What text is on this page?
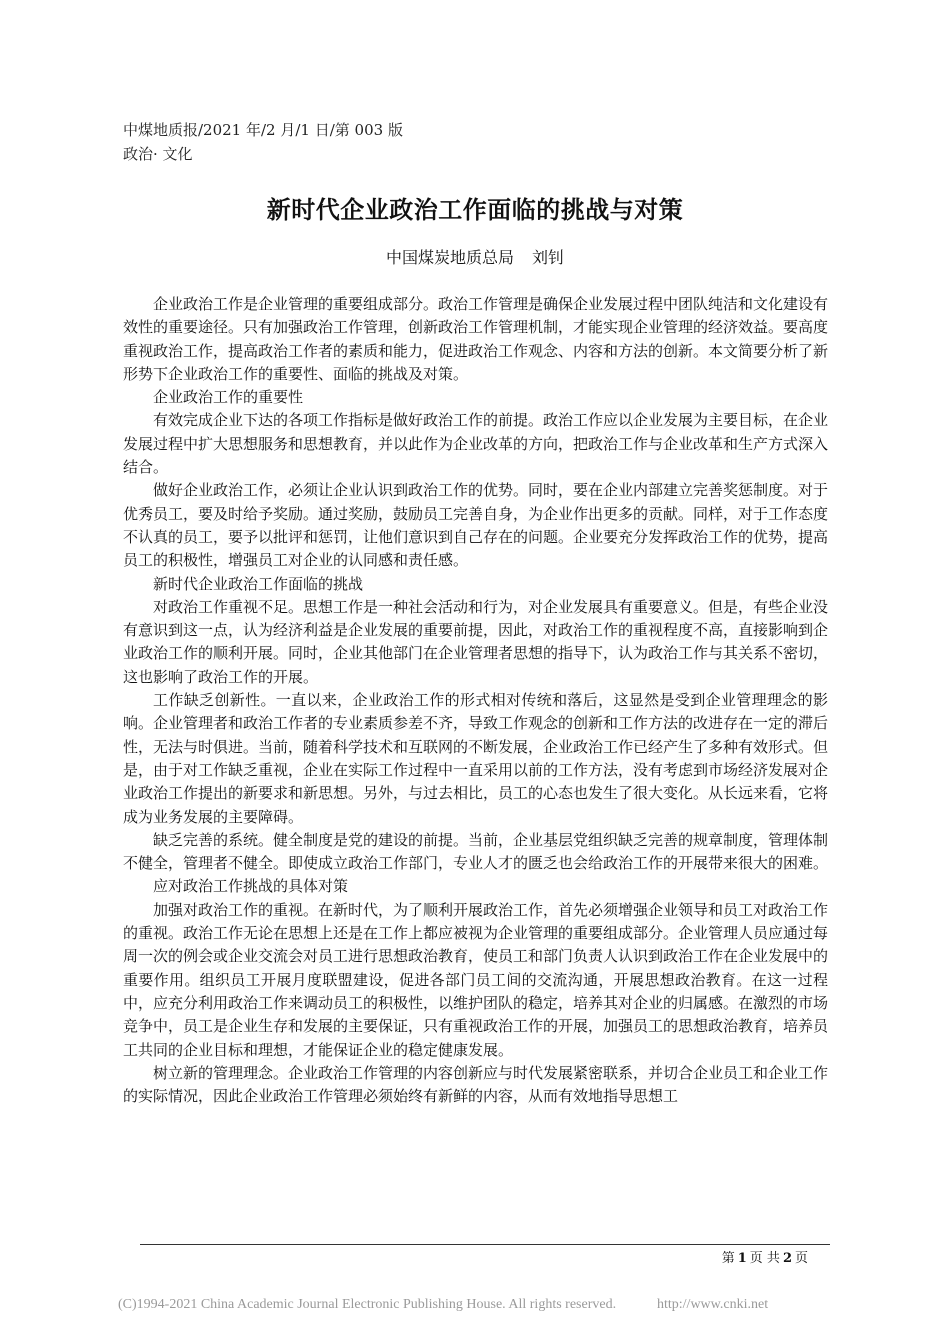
中煤地质报/2021 年/2 月/1 日/第 003 版
政治· 文化
新时代企业政治工作面临的挑战与对策
中国煤炭地质总局 刘钊

企业政治工作是企业管理的重要组成部分。政治工作管理是确保企业发展过程中团队纯洁和文化建设有效性的重要途径。只有加强政治工作管理，创新政治工作管理机制，才能实现企业管理的经济效益。要高度重视政治工作，提高政治工作者的素质和能力，促进政治工作观念、内容和方法的创新。本文简要分析了新形势下企业政治工作的重要性、面临的挑战及对策。

企业政治工作的重要性

有效完成企业下达的各项工作指标是做好政治工作的前提。政治工作应以企业发展为主要目标，在企业发展过程中扩大思想服务和思想教育，并以此作为企业改革的方向，把政治工作与企业改革和生产方式深入结合。

做好企业政治工作，必须让企业认识到政治工作的优势。同时，要在企业内部建立完善奖惩制度。对于优秀员工，要及时给予奖励。通过奖励，鼓励员工完善自身，为企业作出更多的贡献。同样，对于工作态度不认真的员工，要予以批评和惩罚，让他们意识到自己存在的问题。企业要充分发挥政治工作的优势，提高员工的积极性，增强员工对企业的认同感和责任感。

新时代企业政治工作面临的挑战

对政治工作重视不足。思想工作是一种社会活动和行为，对企业发展具有重要意义。但是，有些企业没有意识到这一点，认为经济利益是企业发展的重要前提，因此，对政治工作的重视程度不高，直接影响到企业政治工作的顺利开展。同时，企业其他部门在企业管理者思想的指导下，认为政治工作与其关系不密切，这也影响了政治工作的开展。

工作缺乏创新性。一直以来，企业政治工作的形式相对传统和落后，这显然是受到企业管理理念的影响。企业管理者和政治工作者的专业素质参差不齐，导致工作观念的创新和工作方法的改进存在一定的滞后性，无法与时俱进。当前，随着科学技术和互联网的不断发展，企业政治工作已经产生了多种有效形式。但是，由于对工作缺乏重视，企业在实际工作过程中一直采用以前的工作方法，没有考虑到市场经济发展对企业政治工作提出的新要求和新思想。另外，与过去相比，员工的心态也发生了很大变化。从长远来看，它将成为业务发展的主要障碍。

缺乏完善的系统。健全制度是党的建设的前提。当前，企业基层党组织缺乏完善的规章制度，管理体制不健全，管理者不健全。即使成立政治工作部门，专业人才的匮乏也会给政治工作的开展带来很大的困难。

应对政治工作挑战的具体对策

加强对政治工作的重视。在新时代，为了顺利开展政治工作，首先必须增强企业领导和员工对政治工作的重视。政治工作无论在思想上还是在工作上都应被视为企业管理的重要组成部分。企业管理人员应通过每周一次的例会或企业交流会对员工进行思想政治教育，使员工和部门负责人认识到政治工作在企业发展中的重要作用。组织员工开展月度联盟建设，促进各部门员工间的交流沟通，开展思想政治教育。在这一过程中，应充分利用政治工作来调动员工的积极性，以维护团队的稳定，培养其对企业的归属感。在激烈的市场竞争中，员工是企业生存和发展的主要保证，只有重视政治工作的开展，加强员工的思想政治教育，培养员工共同的企业目标和理想，才能保证企业的稳定健康发展。

树立新的管理理念。企业政治工作管理的内容创新应与时代发展紧密联系，并切合企业员工和企业工作的实际情况，因此企业政治工作管理必须始终有新鲜的内容，从而有效地指导思想工

第 1 页 共 2 页
(C)1994-2021 China Academic Journal Electronic Publishing House. All rights reserved.	http://www.cnki.net
